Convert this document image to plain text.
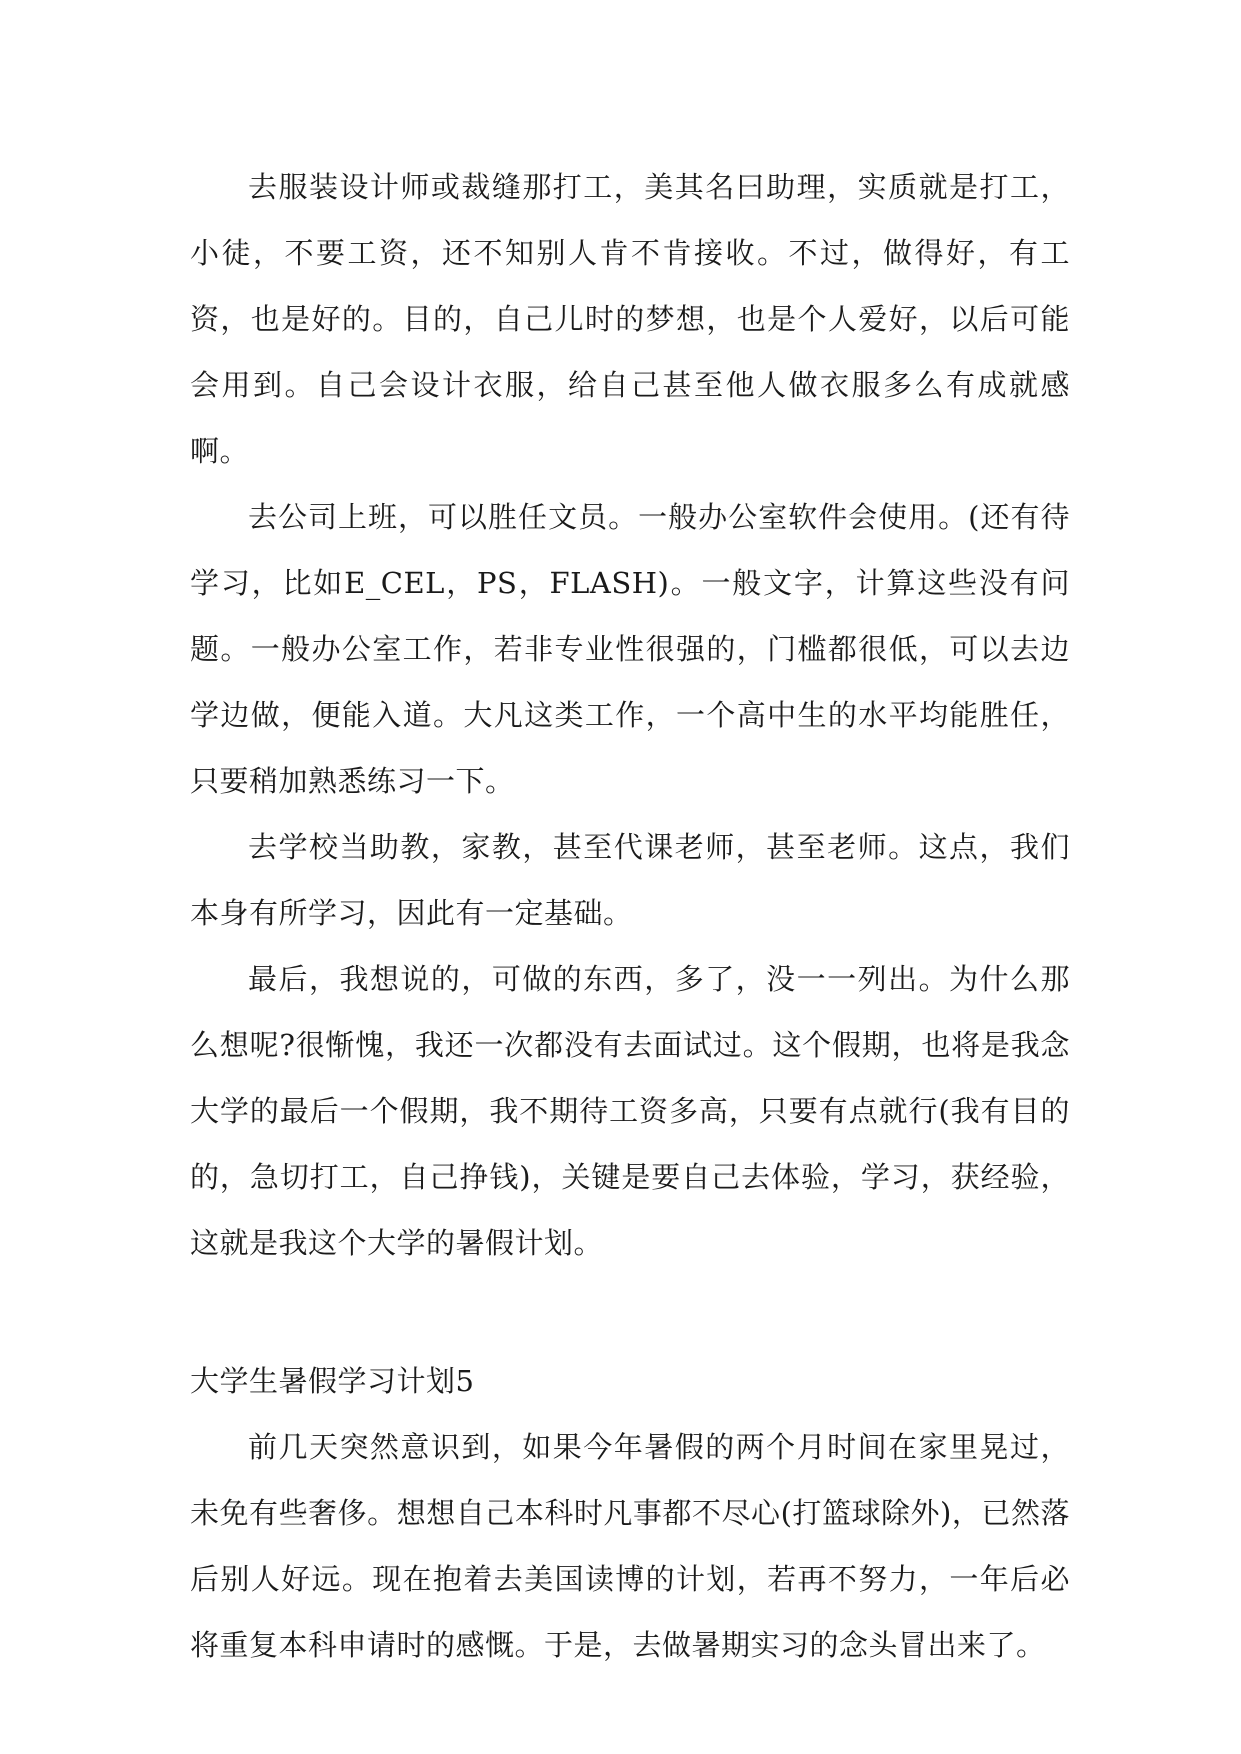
去服装设计师或裁缝那打工，美其名曰助理，实质就是打工，小徒，不要工资，还不知别人肯不肯接收。不过，做得好，有工资，也是好的。目的，自己儿时的梦想，也是个人爱好，以后可能会用到。自己会设计衣服，给自己甚至他人做衣服多么有成就感啊。

去公司上班，可以胜任文员。一般办公室软件会使用。(还有待学习，比如E_CEL，PS，FLASH)。一般文字，计算这些没有问题。一般办公室工作，若非专业性很强的，门槛都很低，可以去边学边做，便能入道。大凡这类工作，一个高中生的水平均能胜任，只要稍加熟悉练习一下。

去学校当助教，家教，甚至代课老师，甚至老师。这点，我们本身有所学习，因此有一定基础。

最后，我想说的，可做的东西，多了，没一一列出。为什么那么想呢?很惭愧，我还一次都没有去面试过。这个假期，也将是我念大学的最后一个假期，我不期待工资多高，只要有点就行(我有目的的，急切打工，自己挣钱)，关键是要自己去体验，学习，获经验，这就是我这个大学的暑假计划。

大学生暑假学习计划5

前几天突然意识到，如果今年暑假的两个月时间在家里晃过，未免有些奢侈。想想自己本科时凡事都不尽心(打篮球除外)，已然落后别人好远。现在抱着去美国读博的计划，若再不努力，一年后必将重复本科申请时的感慨。于是，去做暑期实习的念头冒出来了。
